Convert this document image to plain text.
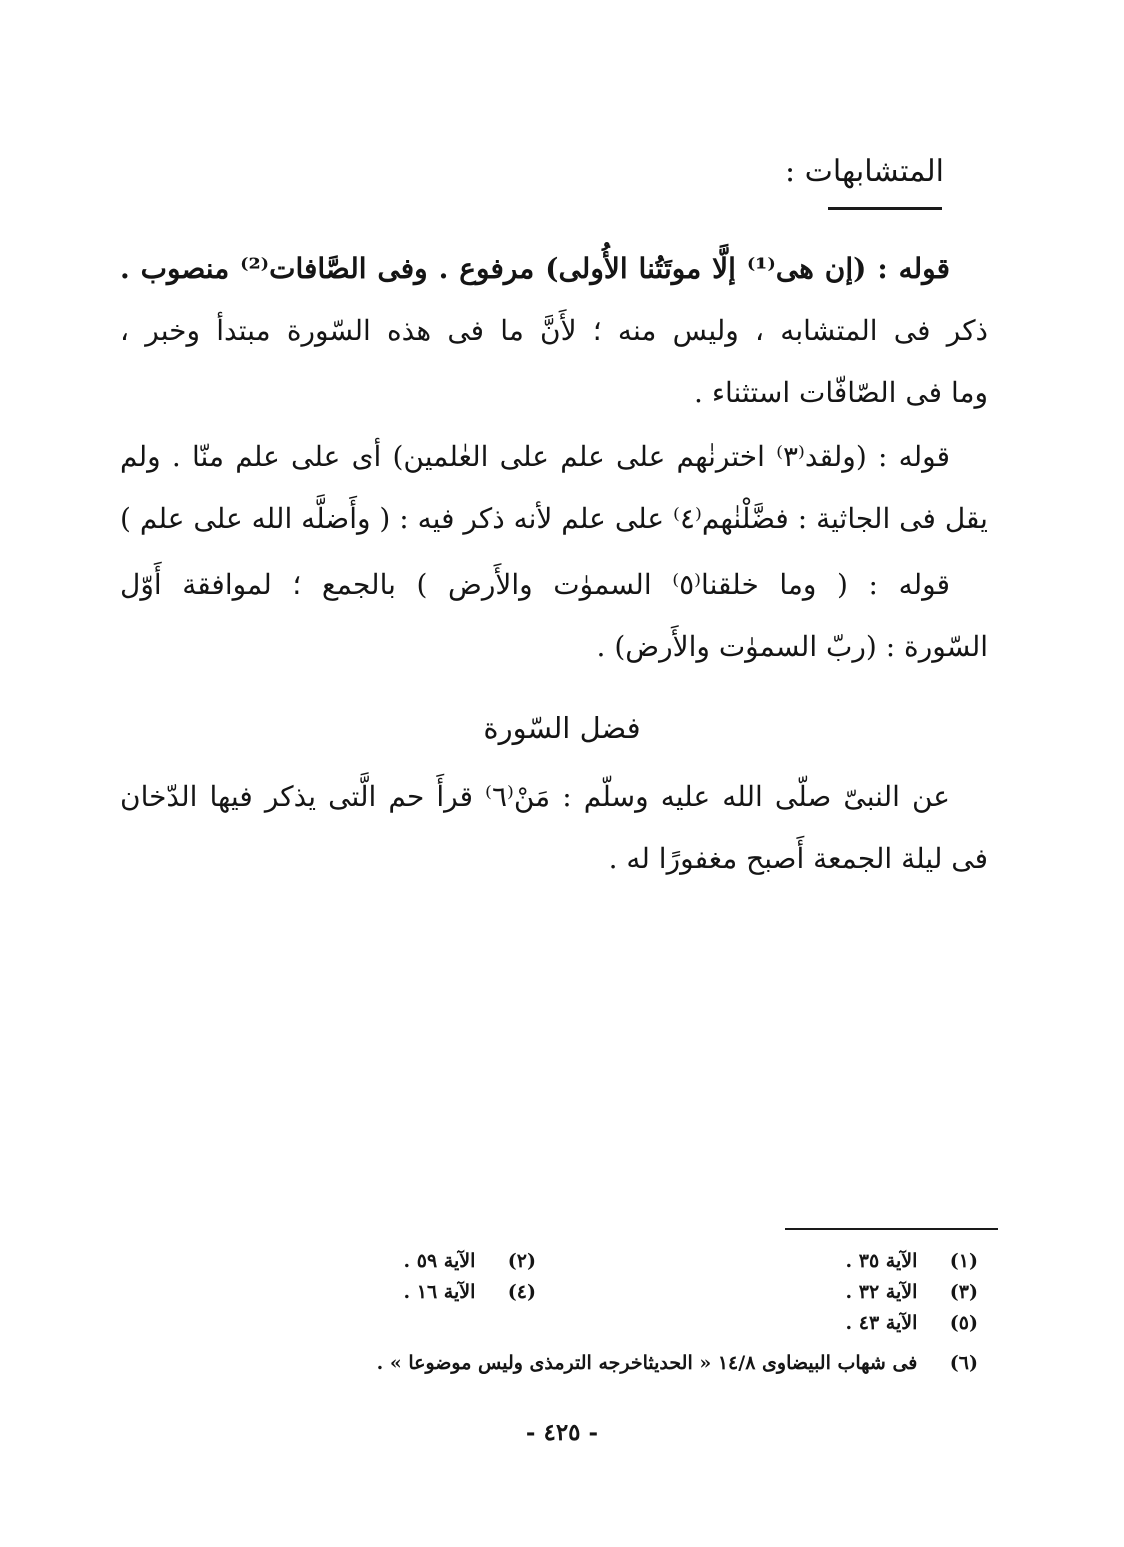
المتشابهات :
قوله : (إن هى⁽¹⁾ إلَّا موتَتُنا الأُولى) مرفوع . وفى الصَّافات⁽²⁾ منصوب .
ذكر فى المتشابه ، وليس منه ؛ لأَنَّ ما فى هذه السّورة مبتدأ وخبر ،
وما فى الصّافّات استثناء .
قوله : (ولقد⁽٣⁾ اخترنٰهم على علم على العٰلمين) أى على علم منّا . ولم
يقل فى الجاثية : فضَّلْنٰهم⁽٤⁾ على علم لأنه ذكر فيه : ( وأَضلَّه الله على علم )
قوله : ( وما خلقنا⁽٥⁾ السموٰت والأَرض ) بالجمع ؛ لموافقة أَوّل
السّورة : (ربّ السموٰت والأَرض) .
فضل السّورة
عن النبىّ صلّى الله عليه وسلّم : مَنْ⁽٦⁾ قرأَ حم الَّتى يذكر فيها الدّخان
فى ليلة الجمعة أَصبح مغفورًا له .
(١) الآية ٣٥ .
(٢) الآية ٥٩ .
(٣) الآية ٣٢ .
(٤) الآية ١٦ .
(٥) الآية ٤٣ .
(٦) فى شهاب البيضاوى ١٤/٨ « الحديثاخرجه الترمذى وليس موضوعا » .
- ٤٢٥ -
